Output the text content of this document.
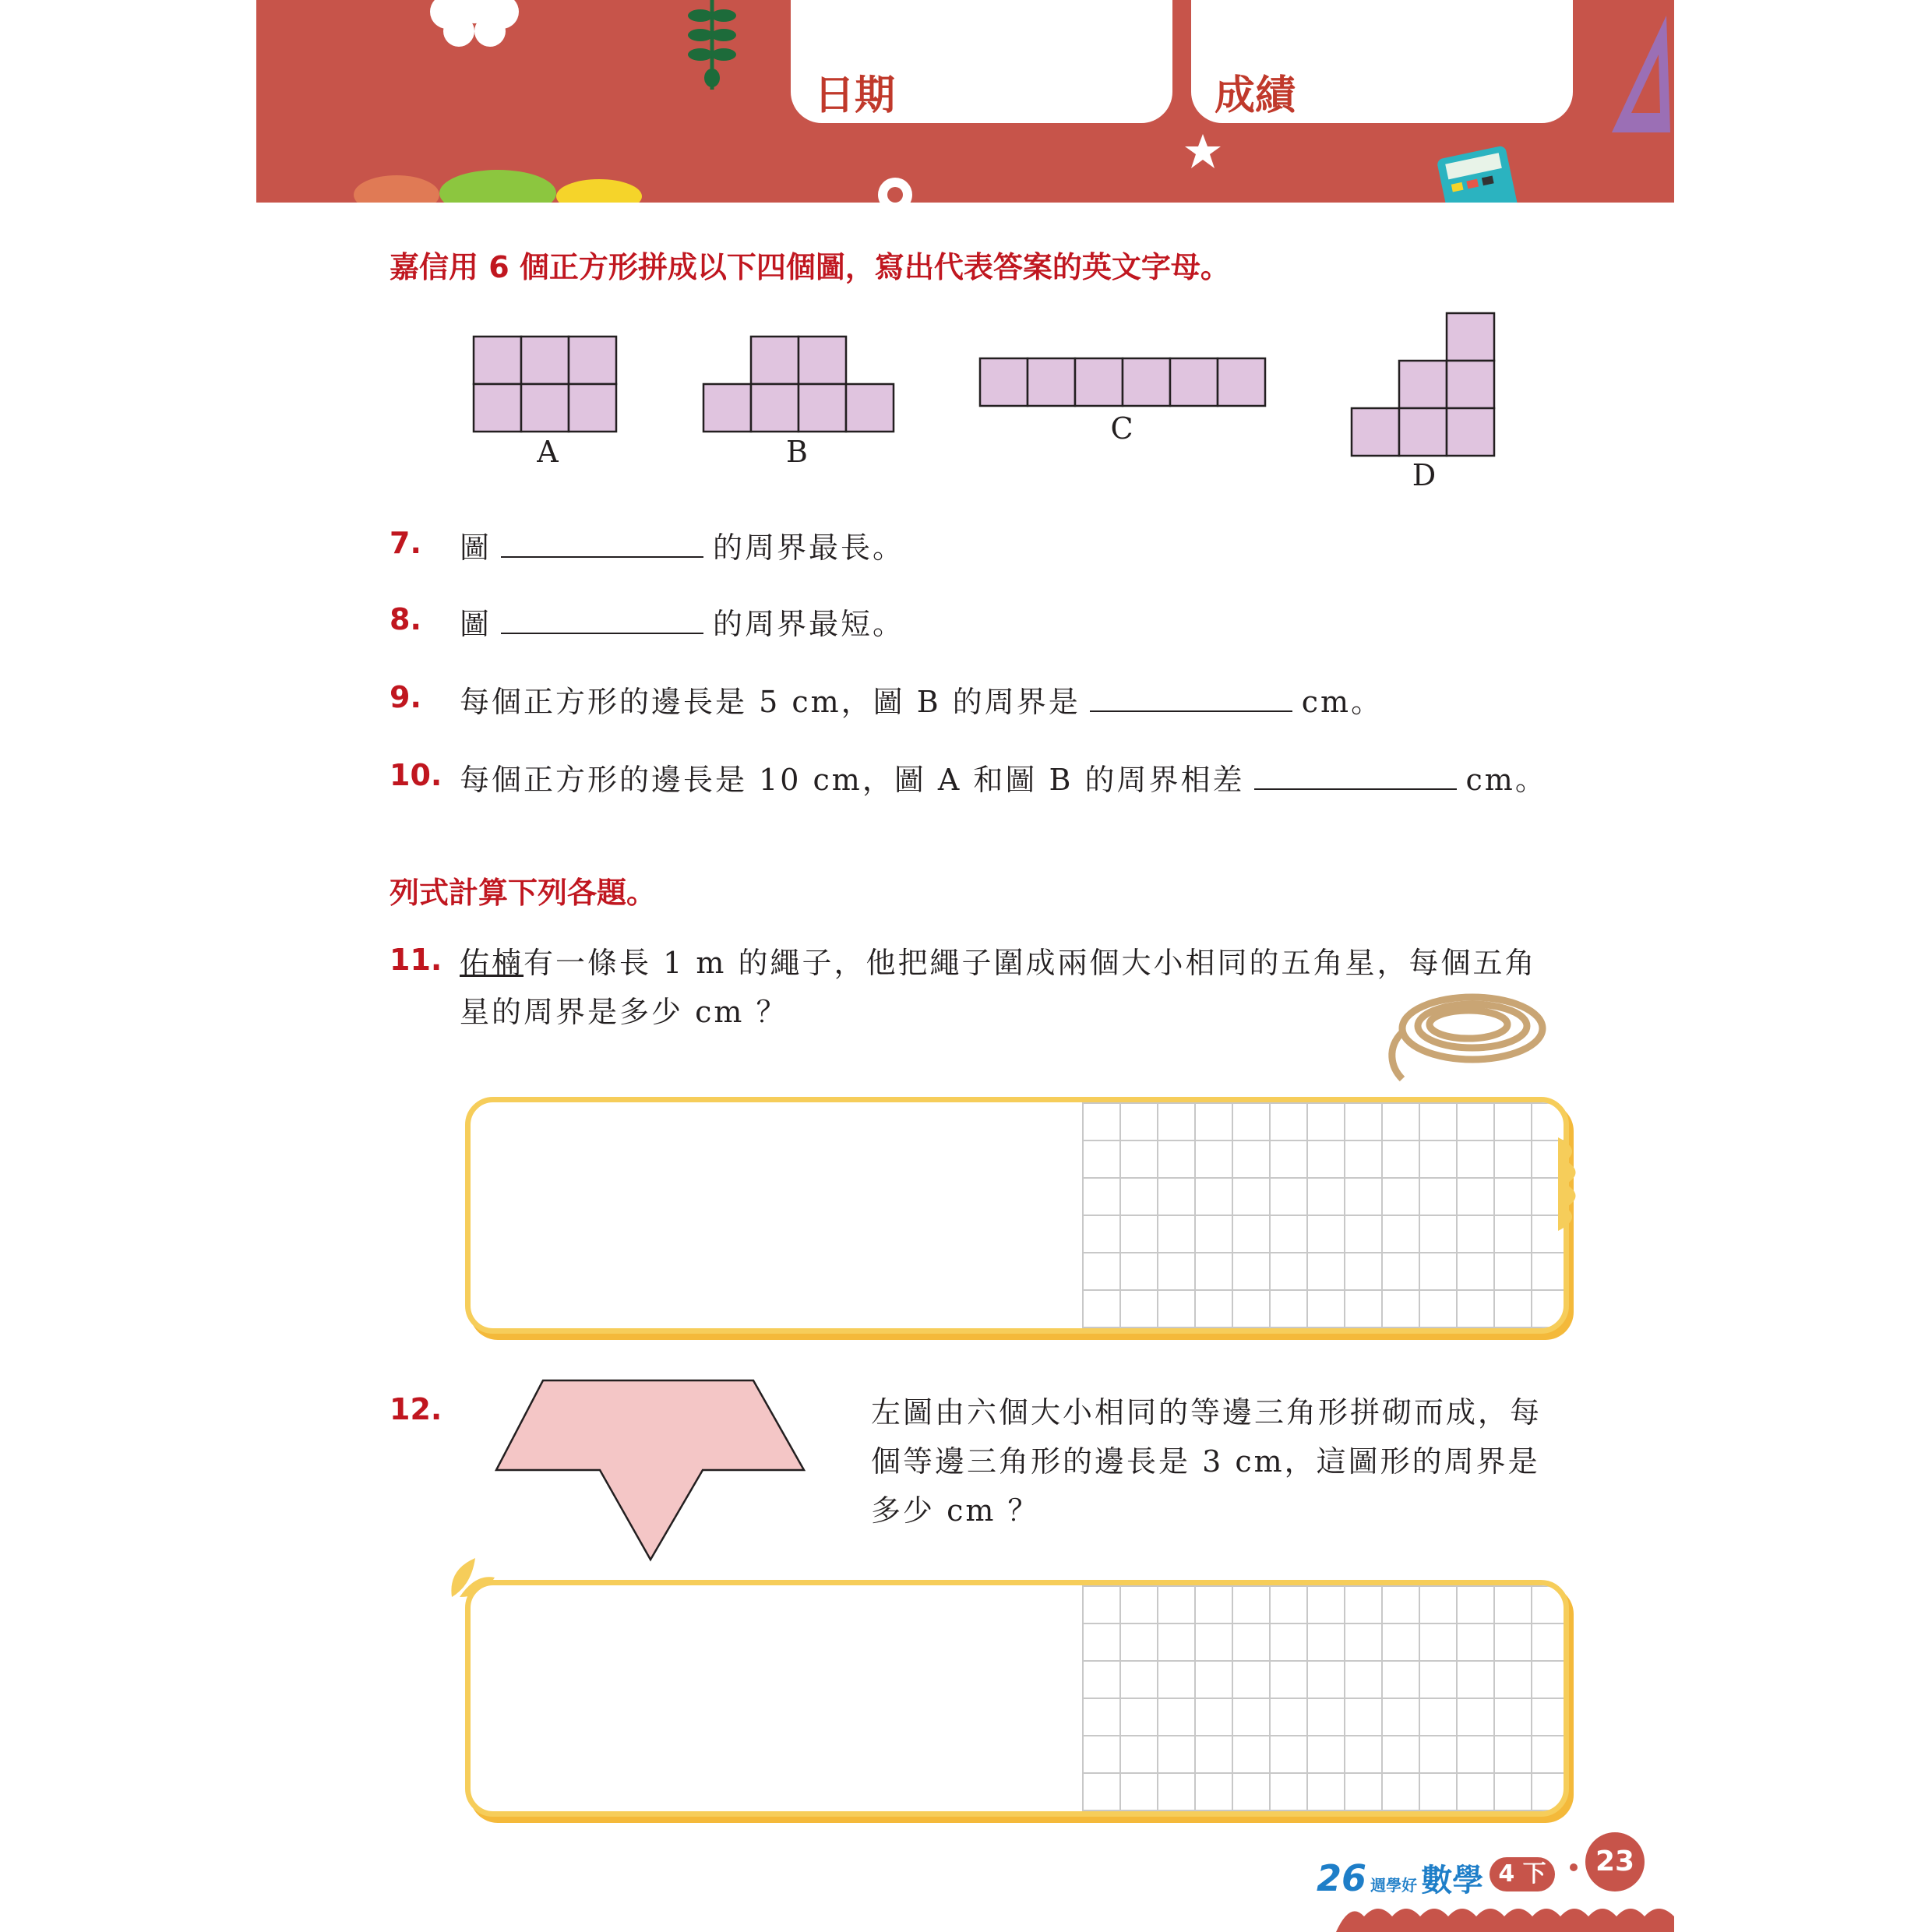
日期	成績
嘉信用 6 個正方形拼成以下四個圖，寫出代表答案的英文字母。
A	B
C
D
7. 圖	的周界最長。
8. 圖	的周界最短。
9. 每個正方形的邊長是 5 cm，圖 B 的周界是	cm。
10. 每個正方形的邊長是 10 cm，圖 A 和圖 B 的周界相差	cm。
列式計算下列各題。
11. 佑楠有一條長 1 m 的繩子，他把繩子圍成兩個大小相同的五角星，每個五角
星的周界是多少 cm ？
12.	左圖由六個大小相同的等邊三角形拼砌而成，每
個等邊三角形的邊長是 3 cm，這圖形的周界是
多少 cm ？
26 週學好 數學 4 下	23
